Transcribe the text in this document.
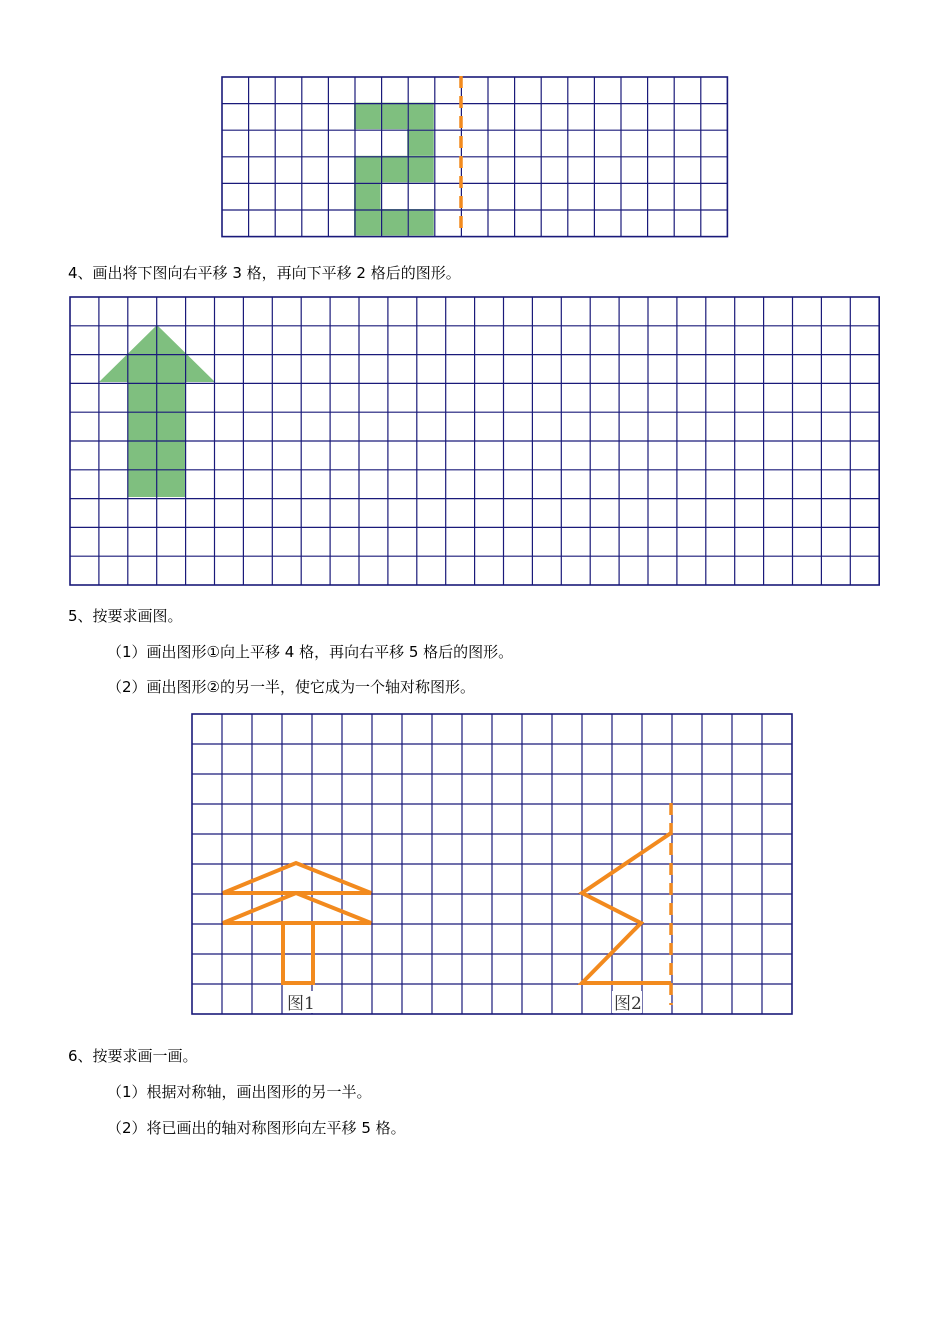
4、画出将下图向右平移 3 格，再向下平移 2 格后的图形。
5、按要求画图。
（1）画出图形①向上平移 4 格，再向右平移 5 格后的图形。
（2）画出图形②的另一半，使它成为一个轴对称图形。
图1	图2
6、按要求画一画。
（1）根据对称轴，画出图形的另一半。
（2）将已画出的轴对称图形向左平移 5 格。
